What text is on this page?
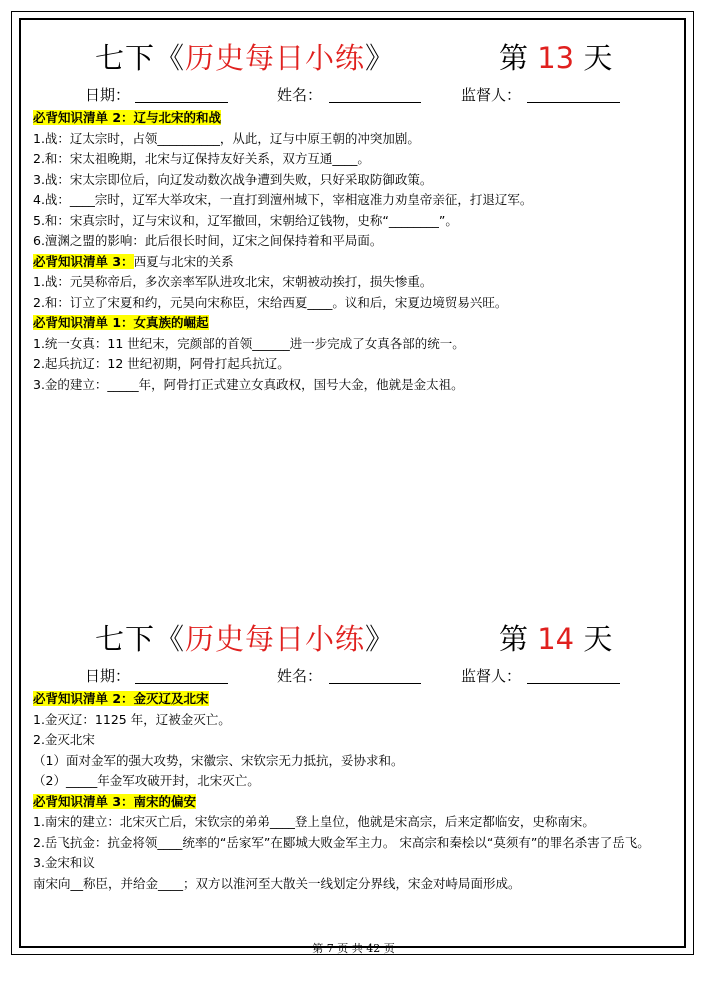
七下《历史每日小练》	第 13 天
日期：	姓名：	监督人：

必背知识清单 2：辽与北宋的和战

1.战：辽太宗时，占领__________，从此，辽与中原王朝的冲突加剧。

2.和：宋太祖晚期，北宋与辽保持友好关系，双方互通____。

3.战：宋太宗即位后，向辽发动数次战争遭到失败，只好采取防御政策。

4.战：____宗时，辽军大举攻宋，一直打到澶州城下，宰相寇准力劝皇帝亲征，打退辽军。

5.和：宋真宗时，辽与宋议和，辽军撤回，宋朝给辽钱物，史称“________”。

6.澶渊之盟的影响：此后很长时间，辽宋之间保持着和平局面。

必背知识清单 3：西夏与北宋的关系

1.战：元昊称帝后，多次亲率军队进攻北宋，宋朝被动挨打，损失惨重。

2.和：订立了宋夏和约，元昊向宋称臣，宋给西夏____。议和后，宋夏边境贸易兴旺。

必背知识清单 1：女真族的崛起

1.统一女真：11 世纪末，完颜部的首领______进一步完成了女真各部的统一。

2.起兵抗辽：12 世纪初期，阿骨打起兵抗辽。

3.金的建立：_____年，阿骨打正式建立女真政权，国号大金，他就是金太祖。

七下《历史每日小练》	第 14 天
日期：	姓名：	监督人：

必背知识清单 2：金灭辽及北宋

1.金灭辽：1125 年，辽被金灭亡。

2.金灭北宋

（1）面对金军的强大攻势，宋徽宗、宋钦宗无力抵抗，妥协求和。

（2）_____年金军攻破开封，北宋灭亡。

必背知识清单 3：南宋的偏安

1.南宋的建立：北宋灭亡后，宋钦宗的弟弟____登上皇位，他就是宋高宗，后来定都临安，史称南宋。

2.岳飞抗金：抗金将领____统率的“岳家军”在郾城大败金军主力。 宋高宗和秦桧以“莫须有”的罪名杀害了岳飞。

3.金宋和议

南宋向__称臣，并给金____；双方以淮河至大散关一线划定分界线，宋金对峙局面形成。

第 7 页 共 42 页
